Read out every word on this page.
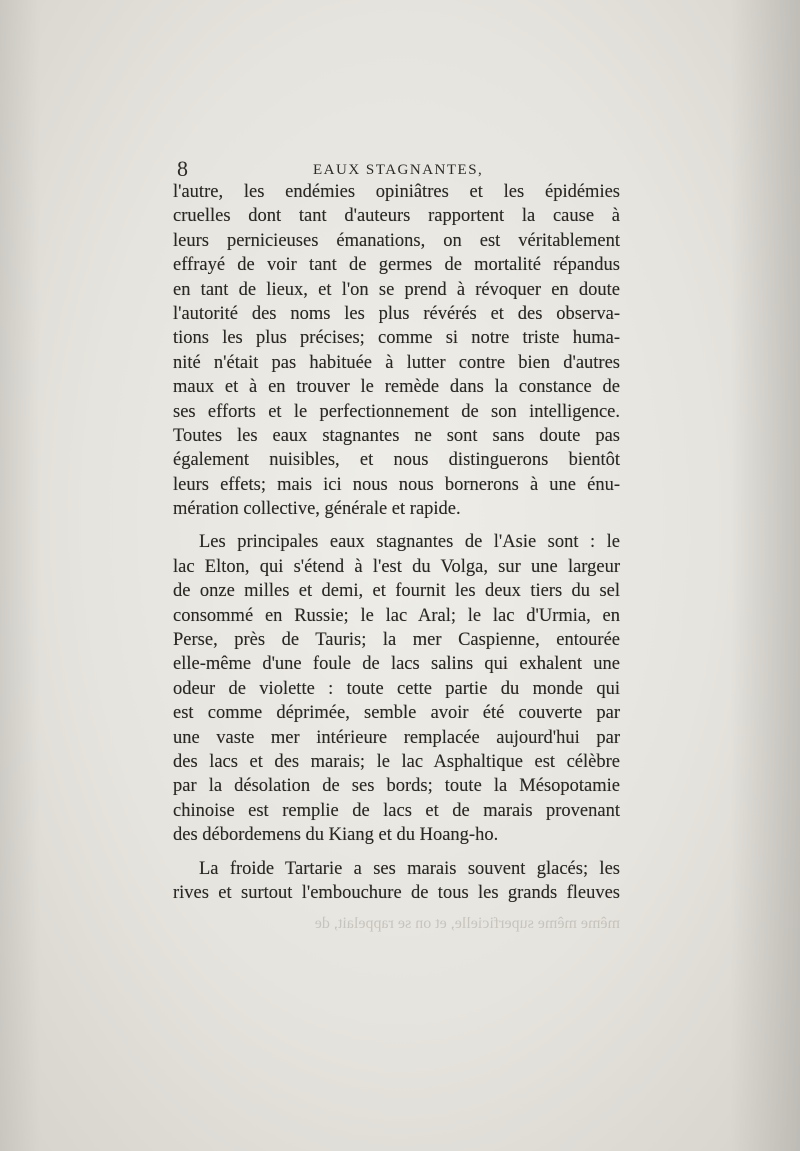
8	EAUX STAGNANTES,

l'autre, les endémies opiniâtres et les épidémies
cruelles dont tant d'auteurs rapportent la cause à
leurs pernicieuses émanations, on est véritablement
effrayé de voir tant de germes de mortalité répandus
en tant de lieux, et l'on se prend à révoquer en doute
l'autorité des noms les plus révérés et des observa-
tions les plus précises; comme si notre triste huma-
nité n'était pas habituée à lutter contre bien d'autres
maux et à en trouver le remède dans la constance de
ses efforts et le perfectionnement de son intelligence.
Toutes les eaux stagnantes ne sont sans doute pas
également nuisibles, et nous distinguerons bientôt
leurs effets; mais ici nous nous bornerons à une énu-
mération collective, générale et rapide.

Les principales eaux stagnantes de l'Asie sont : le
lac Elton, qui s'étend à l'est du Volga, sur une largeur
de onze milles et demi, et fournit les deux tiers du sel
consommé en Russie; le lac Aral; le lac d'Urmia, en
Perse, près de Tauris; la mer Caspienne, entourée
elle-même d'une foule de lacs salins qui exhalent une
odeur de violette : toute cette partie du monde qui
est comme déprimée, semble avoir été couverte par
une vaste mer intérieure remplacée aujourd'hui par
des lacs et des marais; le lac Asphaltique est célèbre
par la désolation de ses bords; toute la Mésopotamie
chinoise est remplie de lacs et de marais provenant
des débordemens du Kiang et du Hoang-ho.

La froide Tartarie a ses marais souvent glacés; les
rives et surtout l'embouchure de tous les grands fleuves

même même superficielle, et on se rappelait, de
